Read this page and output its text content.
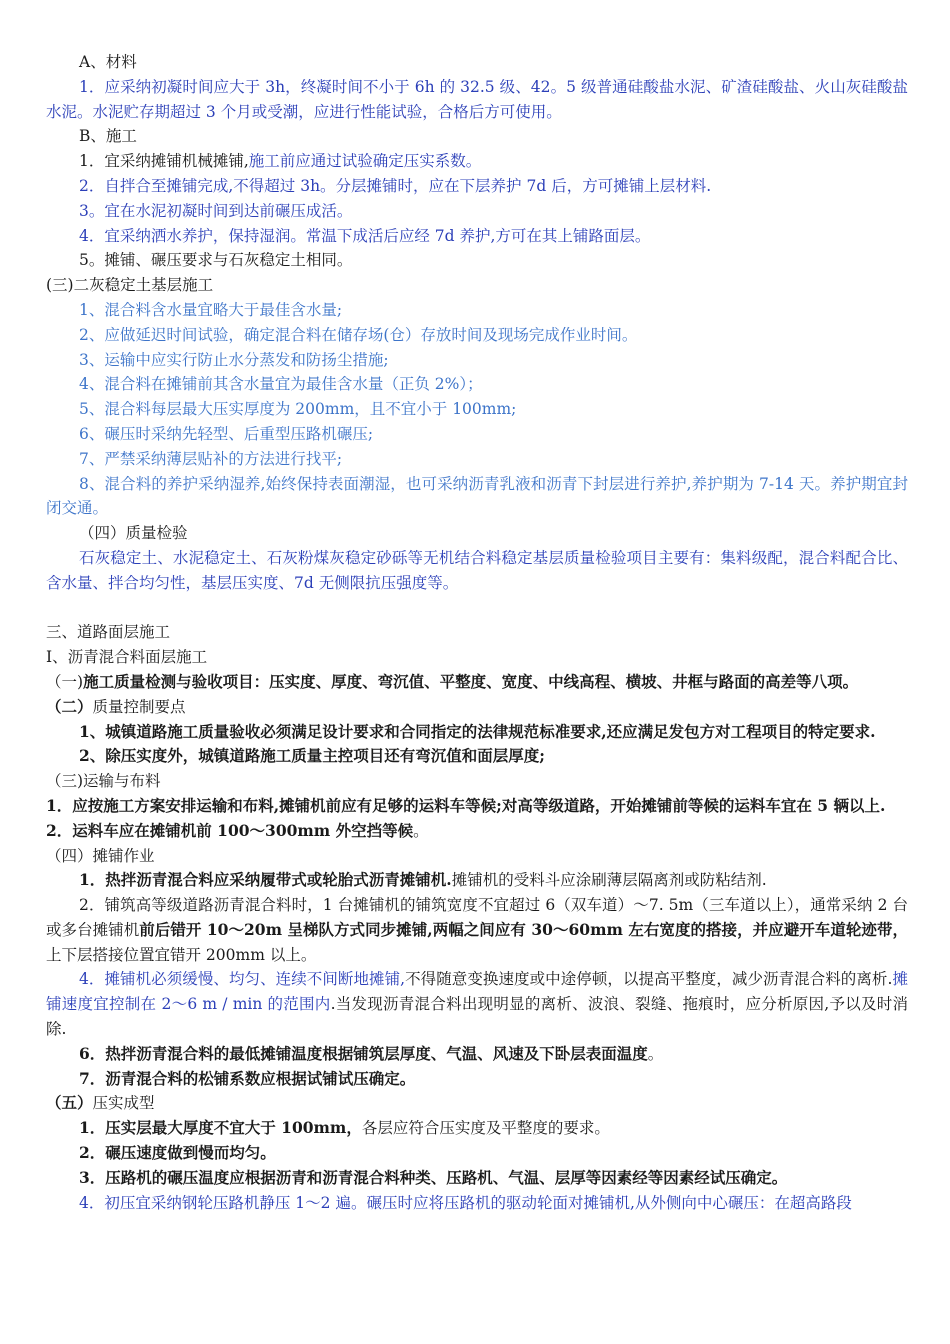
A、材料

1．应采纳初凝时间应大于 3h，终凝时间不小于 6h 的 32.5 级、42。5 级普通硅酸盐水泥、矿渣硅酸盐、火山灰硅酸盐水泥。水泥贮存期超过 3 个月或受潮，应进行性能试验，合格后方可使用。

B、施工

1．宜采纳摊铺机械摊铺,施工前应通过试验确定压实系数。

2．自拌合至摊铺完成,不得超过 3h。分层摊铺时，应在下层养护 7d 后，方可摊铺上层材料.

3。宜在水泥初凝时间到达前碾压成活。

4．宜采纳洒水养护，保持湿润。常温下成活后应经 7d 养护,方可在其上铺路面层。

5。摊铺、碾压要求与石灰稳定土相同。

(三)二灰稳定土基层施工

1、混合料含水量宜略大于最佳含水量;

2、应做延迟时间试验，确定混合料在储存场(仓）存放时间及现场完成作业时间。

3、运输中应实行防止水分蒸发和防扬尘措施;

4、混合料在摊铺前其含水量宜为最佳含水量（正负 2%）；

5、混合料每层最大压实厚度为 200mm，且不宜小于 100mm;

6、碾压时采纳先轻型、后重型压路机碾压;

7、严禁采纳薄层贴补的方法进行找平;

8、混合料的养护采纳湿养,始终保持表面潮湿，也可采纳沥青乳液和沥青下封层进行养护,养护期为 7-14 天。养护期宜封闭交通。

（四）质量检验

石灰稳定土、水泥稳定土、石灰粉煤灰稳定砂砾等无机结合料稳定基层质量检验项目主要有：集料级配，混合料配合比、含水量、拌合均匀性，基层压实度、7d 无侧限抗压强度等。

三、道路面层施工

Ⅰ、沥青混合料面层施工

（一)施工质量检测与验收项目：压实度、厚度、弯沉值、平整度、宽度、中线高程、横坡、井框与路面的高差等八项。

（二）质量控制要点

1、城镇道路施工质量验收必须满足设计要求和合同指定的法律规范标准要求,还应满足发包方对工程项目的特定要求.

2、除压实度外，城镇道路施工质量主控项目还有弯沉值和面层厚度;

（三)运输与布料

1．应按施工方案安排运输和布料,摊铺机前应有足够的运料车等候;对高等级道路，开始摊铺前等候的运料车宜在 5 辆以上.

2．运料车应在摊铺机前 100～300mm 外空挡等候。

（四）摊铺作业

1．热拌沥青混合料应采纳履带式或轮胎式沥青摊铺机.摊铺机的受料斗应涂刷薄层隔离剂或防粘结剂.

2．铺筑高等级道路沥青混合料时，1 台摊铺机的铺筑宽度不宜超过 6（双车道）～7. 5m（三车道以上），通常采纳 2 台或多台摊铺机前后错开 10～20m 呈梯队方式同步摊铺,两幅之间应有 30～60mm 左右宽度的搭接，并应避开车道轮迹带，上下层搭接位置宜错开 200mm 以上。

4．摊铺机必须缓慢、均匀、连续不间断地摊铺,不得随意变换速度或中途停顿，以提高平整度，减少沥青混合料的离析.摊铺速度宜控制在 2～6 m / min 的范围内.当发现沥青混合料出现明显的离析、波浪、裂缝、拖痕时，应分析原因,予以及时消除.

6．热拌沥青混合料的最低摊铺温度根据铺筑层厚度、气温、风速及下卧层表面温度。

7．沥青混合料的松铺系数应根据试铺试压确定。

（五）压实成型

1．压实层最大厚度不宜大于 100mm，各层应符合压实度及平整度的要求。

2．碾压速度做到慢而均匀。

3．压路机的碾压温度应根据沥青和沥青混合料种类、压路机、气温、层厚等因素经等因素经试压确定。

4．初压宜采纳钢轮压路机静压 1～2 遍。碾压时应将压路机的驱动轮面对摊铺机,从外侧向中心碾压：在超高路段
